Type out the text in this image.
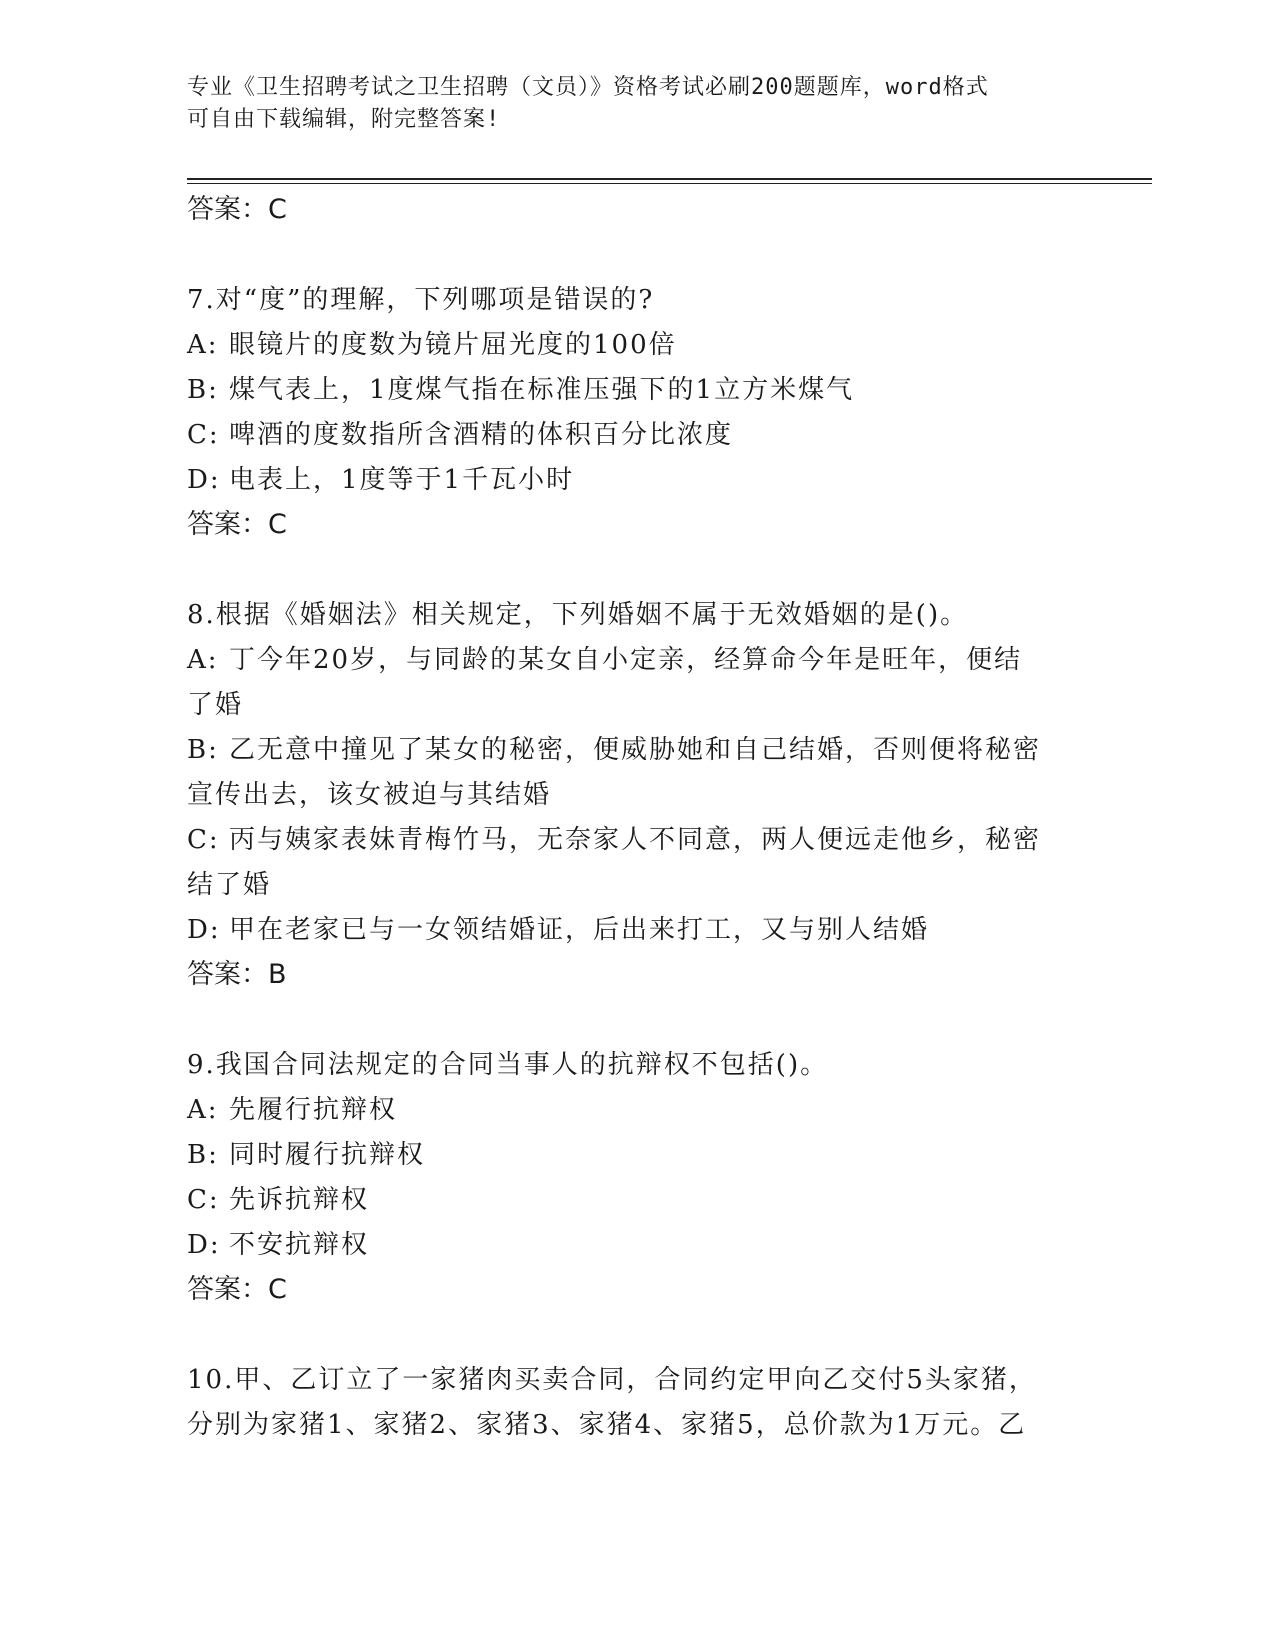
专业《卫生招聘考试之卫生招聘（文员）》资格考试必刷200题题库，word格式
可自由下载编辑，附完整答案!
答案：C
7.对“度”的理解，下列哪项是错误的?
A: 眼镜片的度数为镜片屈光度的100倍
B: 煤气表上，1度煤气指在标准压强下的1立方米煤气
C: 啤酒的度数指所含酒精的体积百分比浓度
D: 电表上，1度等于1千瓦小时
答案：C
8.根据《婚姻法》相关规定，下列婚姻不属于无效婚姻的是()。
A: 丁今年20岁，与同龄的某女自小定亲，经算命今年是旺年，便结
了婚
B: 乙无意中撞见了某女的秘密，便威胁她和自己结婚，否则便将秘密
宣传出去，该女被迫与其结婚
C: 丙与姨家表妹青梅竹马，无奈家人不同意，两人便远走他乡，秘密
结了婚
D: 甲在老家已与一女领结婚证，后出来打工，又与别人结婚
答案：B
9.我国合同法规定的合同当事人的抗辩权不包括()。
A: 先履行抗辩权
B: 同时履行抗辩权
C: 先诉抗辩权
D: 不安抗辩权
答案：C
10.甲、乙订立了一家猪肉买卖合同，合同约定甲向乙交付5头家猪，
分别为家猪1、家猪2、家猪3、家猪4、家猪5，总价款为1万元。乙
